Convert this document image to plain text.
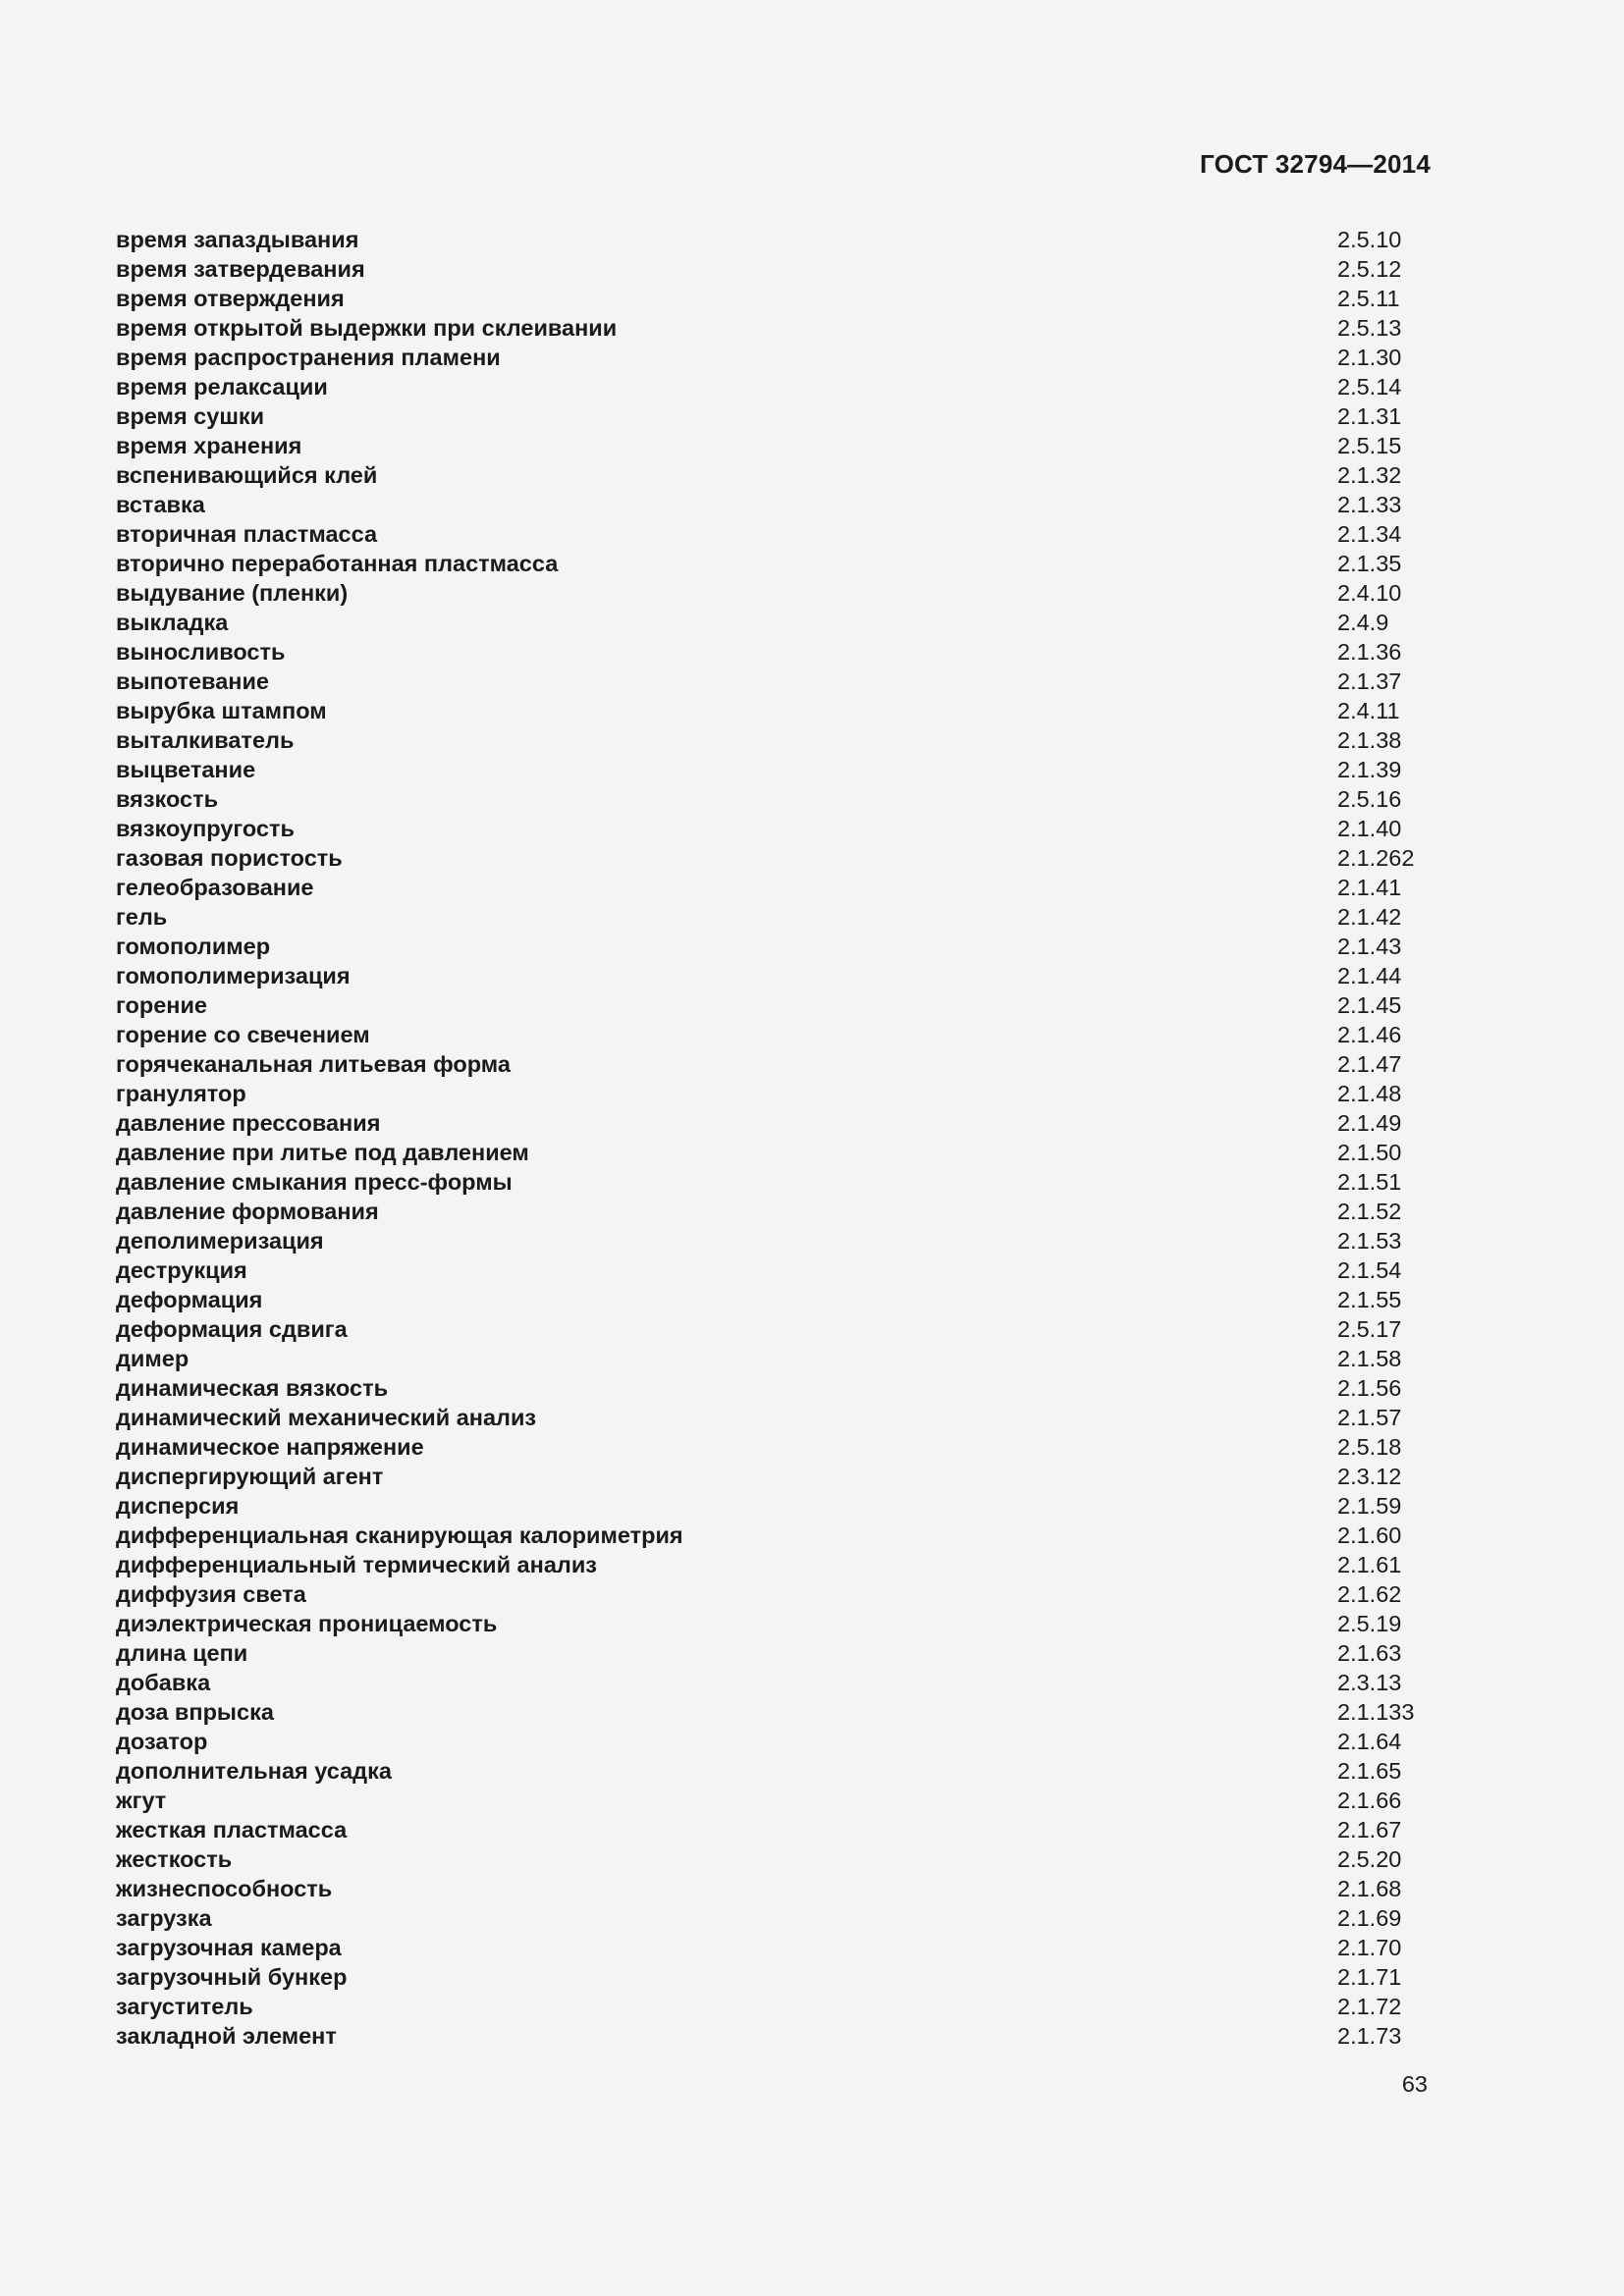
ГОСТ 32794—2014
время запаздывания	2.5.10
время затвердевания	2.5.12
время отверждения	2.5.11
время открытой выдержки при склеивании	2.5.13
время распространения пламени	2.1.30
время релаксации	2.5.14
время сушки	2.1.31
время хранения	2.5.15
вспенивающийся клей	2.1.32
вставка	2.1.33
вторичная пластмасса	2.1.34
вторично переработанная пластмасса	2.1.35
выдувание (пленки)	2.4.10
выкладка	2.4.9
выносливость	2.1.36
выпотевание	2.1.37
вырубка штампом	2.4.11
выталкиватель	2.1.38
выцветание	2.1.39
вязкость	2.5.16
вязкоупругость	2.1.40
газовая пористость	2.1.262
гелеобразование	2.1.41
гель	2.1.42
гомополимер	2.1.43
гомополимеризация	2.1.44
горение	2.1.45
горение со свечением	2.1.46
горячеканальная литьевая форма	2.1.47
гранулятор	2.1.48
давление прессования	2.1.49
давление при литье под давлением	2.1.50
давление смыкания пресс-формы	2.1.51
давление формования	2.1.52
деполимеризация	2.1.53
деструкция	2.1.54
деформация	2.1.55
деформация сдвига	2.5.17
димер	2.1.58
динамическая вязкость	2.1.56
динамический механический анализ	2.1.57
динамическое напряжение	2.5.18
диспергирующий агент	2.3.12
дисперсия	2.1.59
дифференциальная сканирующая калориметрия	2.1.60
дифференциальный термический анализ	2.1.61
диффузия света	2.1.62
диэлектрическая проницаемость	2.5.19
длина цепи	2.1.63
добавка	2.3.13
доза впрыска	2.1.133
дозатор	2.1.64
дополнительная усадка	2.1.65
жгут	2.1.66
жесткая пластмасса	2.1.67
жесткость	2.5.20
жизнеспособность	2.1.68
загрузка	2.1.69
загрузочная камера	2.1.70
загрузочный бункер	2.1.71
загуститель	2.1.72
закладной элемент	2.1.73
63
